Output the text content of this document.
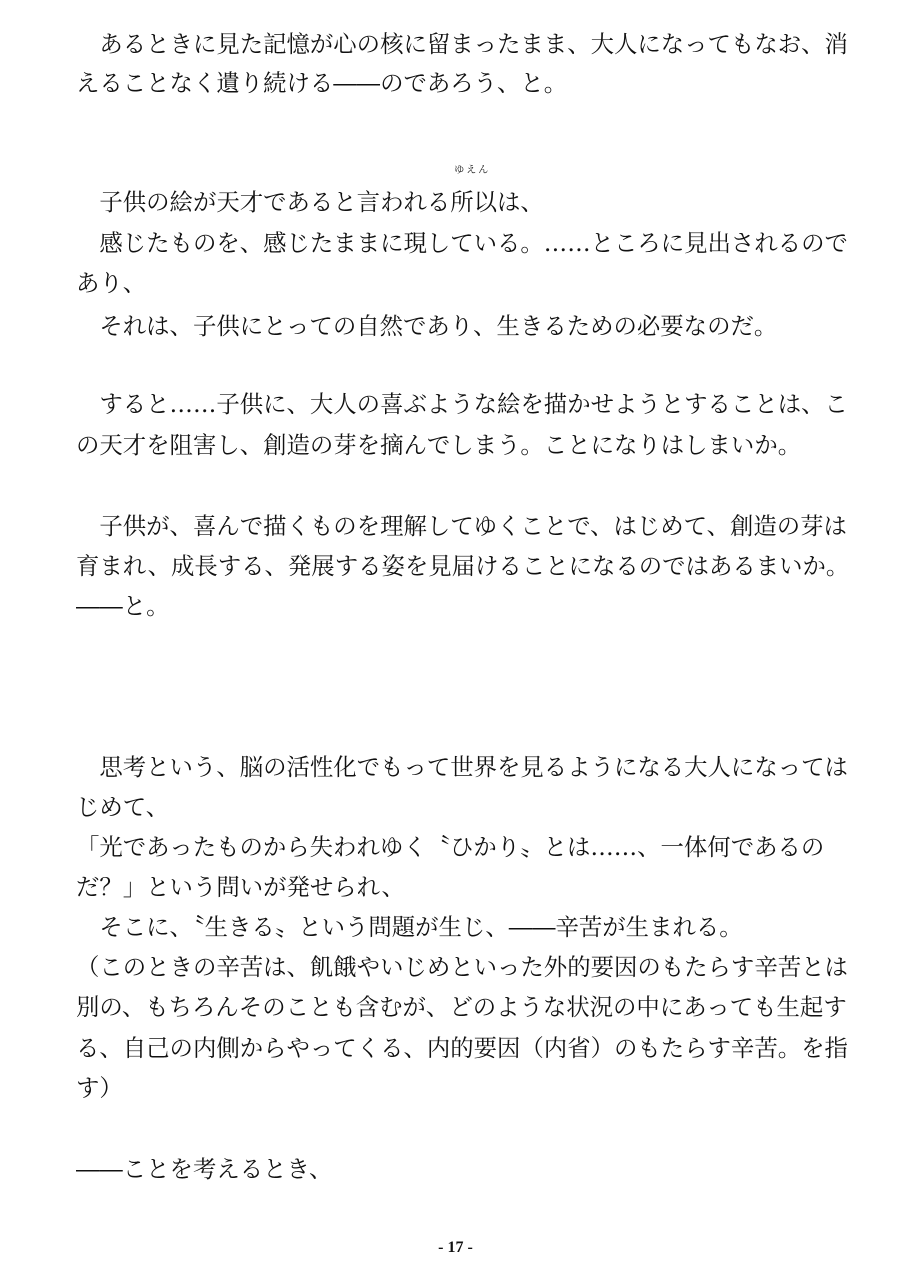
　あるときに見た記憶が心の核に留まったまま、大人になってもなお、消
えることなく遺り続ける――のであろう、と。
　子供の絵が天才であると言われる
ゆえん
所以は、
　感じたものを、感じたままに現している。……ところに見出されるので
あり、
　それは、子供にとっての自然であり、生きるための必要なのだ。
　すると……子供に、大人の喜ぶような絵を描かせようとすることは、こ
の天才を阻害し、創造の芽を摘んでしまう。ことになりはしまいか。
　子供が、喜んで描くものを理解してゆくことで、はじめて、創造の芽は
育まれ、成長する、発展する姿を見届けることになるのではあるまいか。
――と。
　思考という、脳の活性化でもって世界を見るようになる大人になっては
じめて、
「光であったものから失われゆく〝ひかり〟とは……、一体何であるの
だ？」という問いが発せられ、
　そこに、〝生きる〟という問題が生じ、――辛苦が生まれる。
（このときの辛苦は、飢餓やいじめといった外的要因のもたらす辛苦とは
別の、もちろんそのことも含むが、どのような状況の中にあっても生起す
る、自己の内側からやってくる、内的要因（内省）のもたらす辛苦。を指
す）
――ことを考えるとき、
- 17 -
